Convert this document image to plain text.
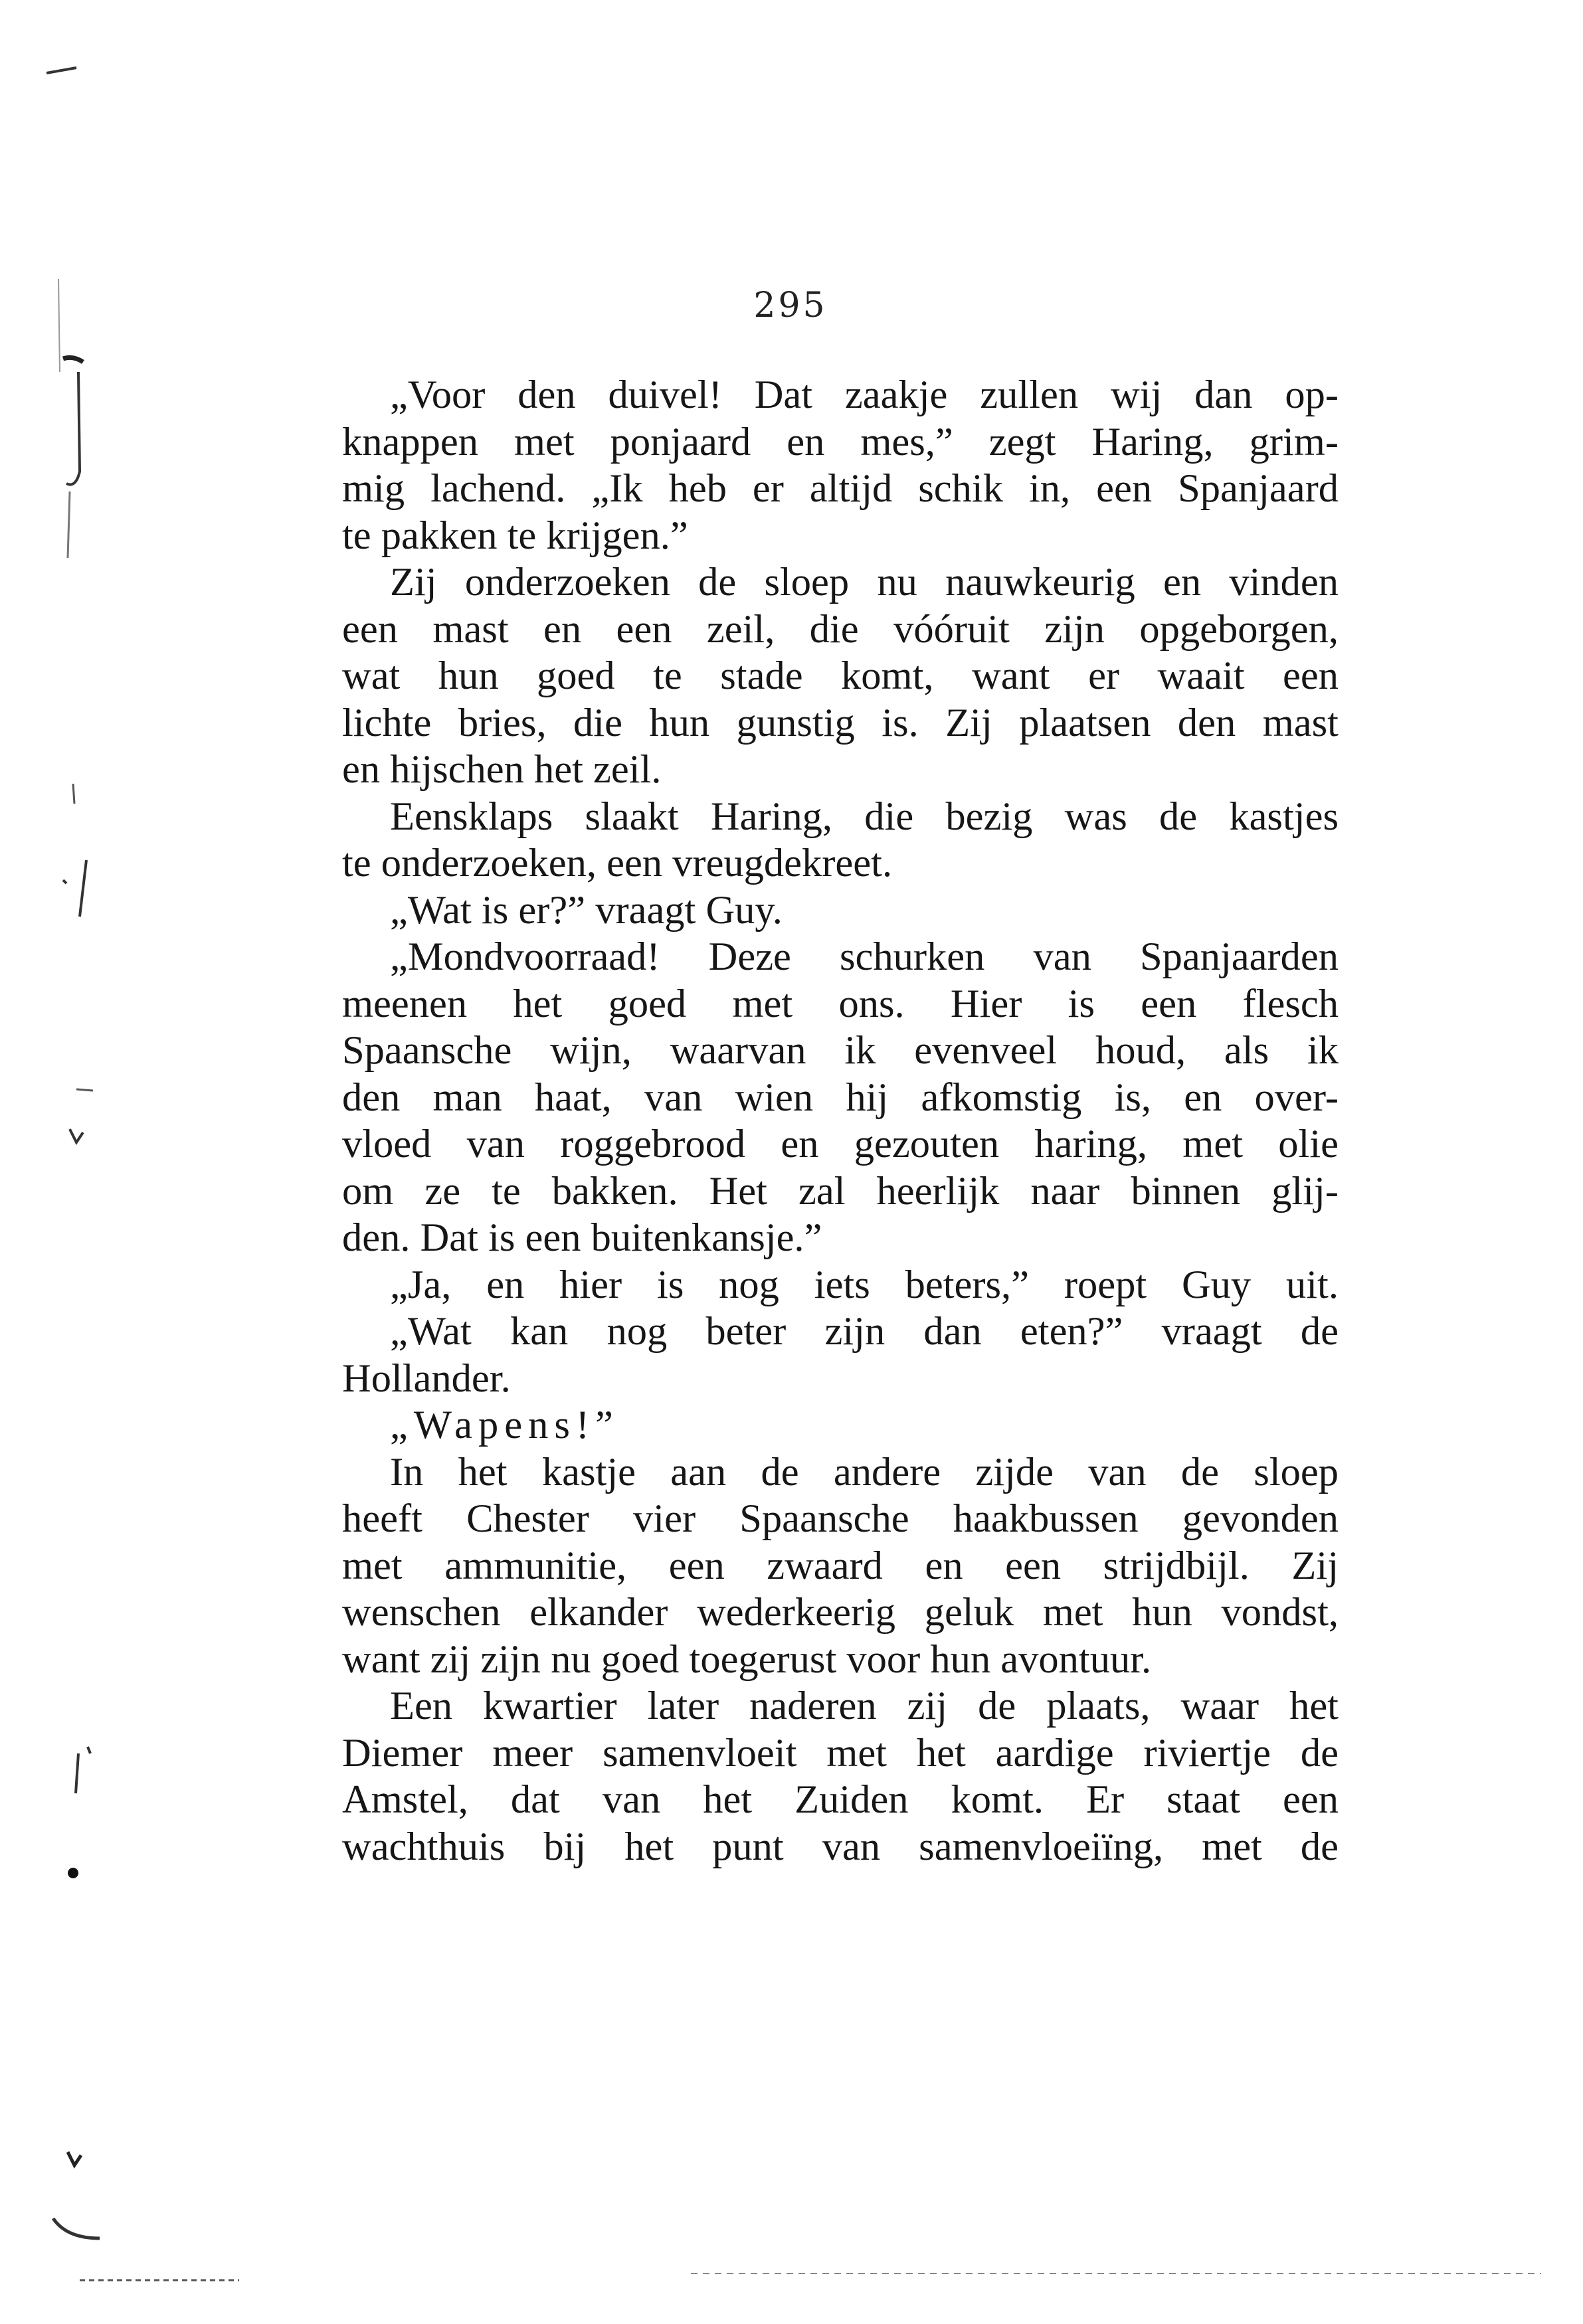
295
„Voor den duivel! Dat zaakje zullen wij dan op-
knappen met ponjaard en mes,” zegt Haring, grim-
mig lachend. „Ik heb er altijd schik in, een Spanjaard
te pakken te krijgen.”
Zij onderzoeken de sloep nu nauwkeurig en vinden
een mast en een zeil, die vóóruit zijn opgeborgen,
wat hun goed te stade komt, want er waait een
lichte bries, die hun gunstig is. Zij plaatsen den mast
en hijschen het zeil.
Eensklaps slaakt Haring, die bezig was de kastjes
te onderzoeken, een vreugdekreet.
„Wat is er?” vraagt Guy.
„Mondvoorraad! Deze schurken van Spanjaarden
meenen het goed met ons. Hier is een flesch
Spaansche wijn, waarvan ik evenveel houd, als ik
den man haat, van wien hij afkomstig is, en over-
vloed van roggebrood en gezouten haring, met olie
om ze te bakken. Het zal heerlijk naar binnen glij-
den. Dat is een buitenkansje.”
„Ja, en hier is nog iets beters,” roept Guy uit.
„Wat kan nog beter zijn dan eten?” vraagt de
Hollander.
„Wapens!”
In het kastje aan de andere zijde van de sloep
heeft Chester vier Spaansche haakbussen gevonden
met ammunitie, een zwaard en een strijdbijl. Zij
wenschen elkander wederkeerig geluk met hun vondst,
want zij zijn nu goed toegerust voor hun avontuur.
Een kwartier later naderen zij de plaats, waar het
Diemer meer samenvloeit met het aardige riviertje de
Amstel, dat van het Zuiden komt. Er staat een
wachthuis bij het punt van samenvloeiïng, met de
